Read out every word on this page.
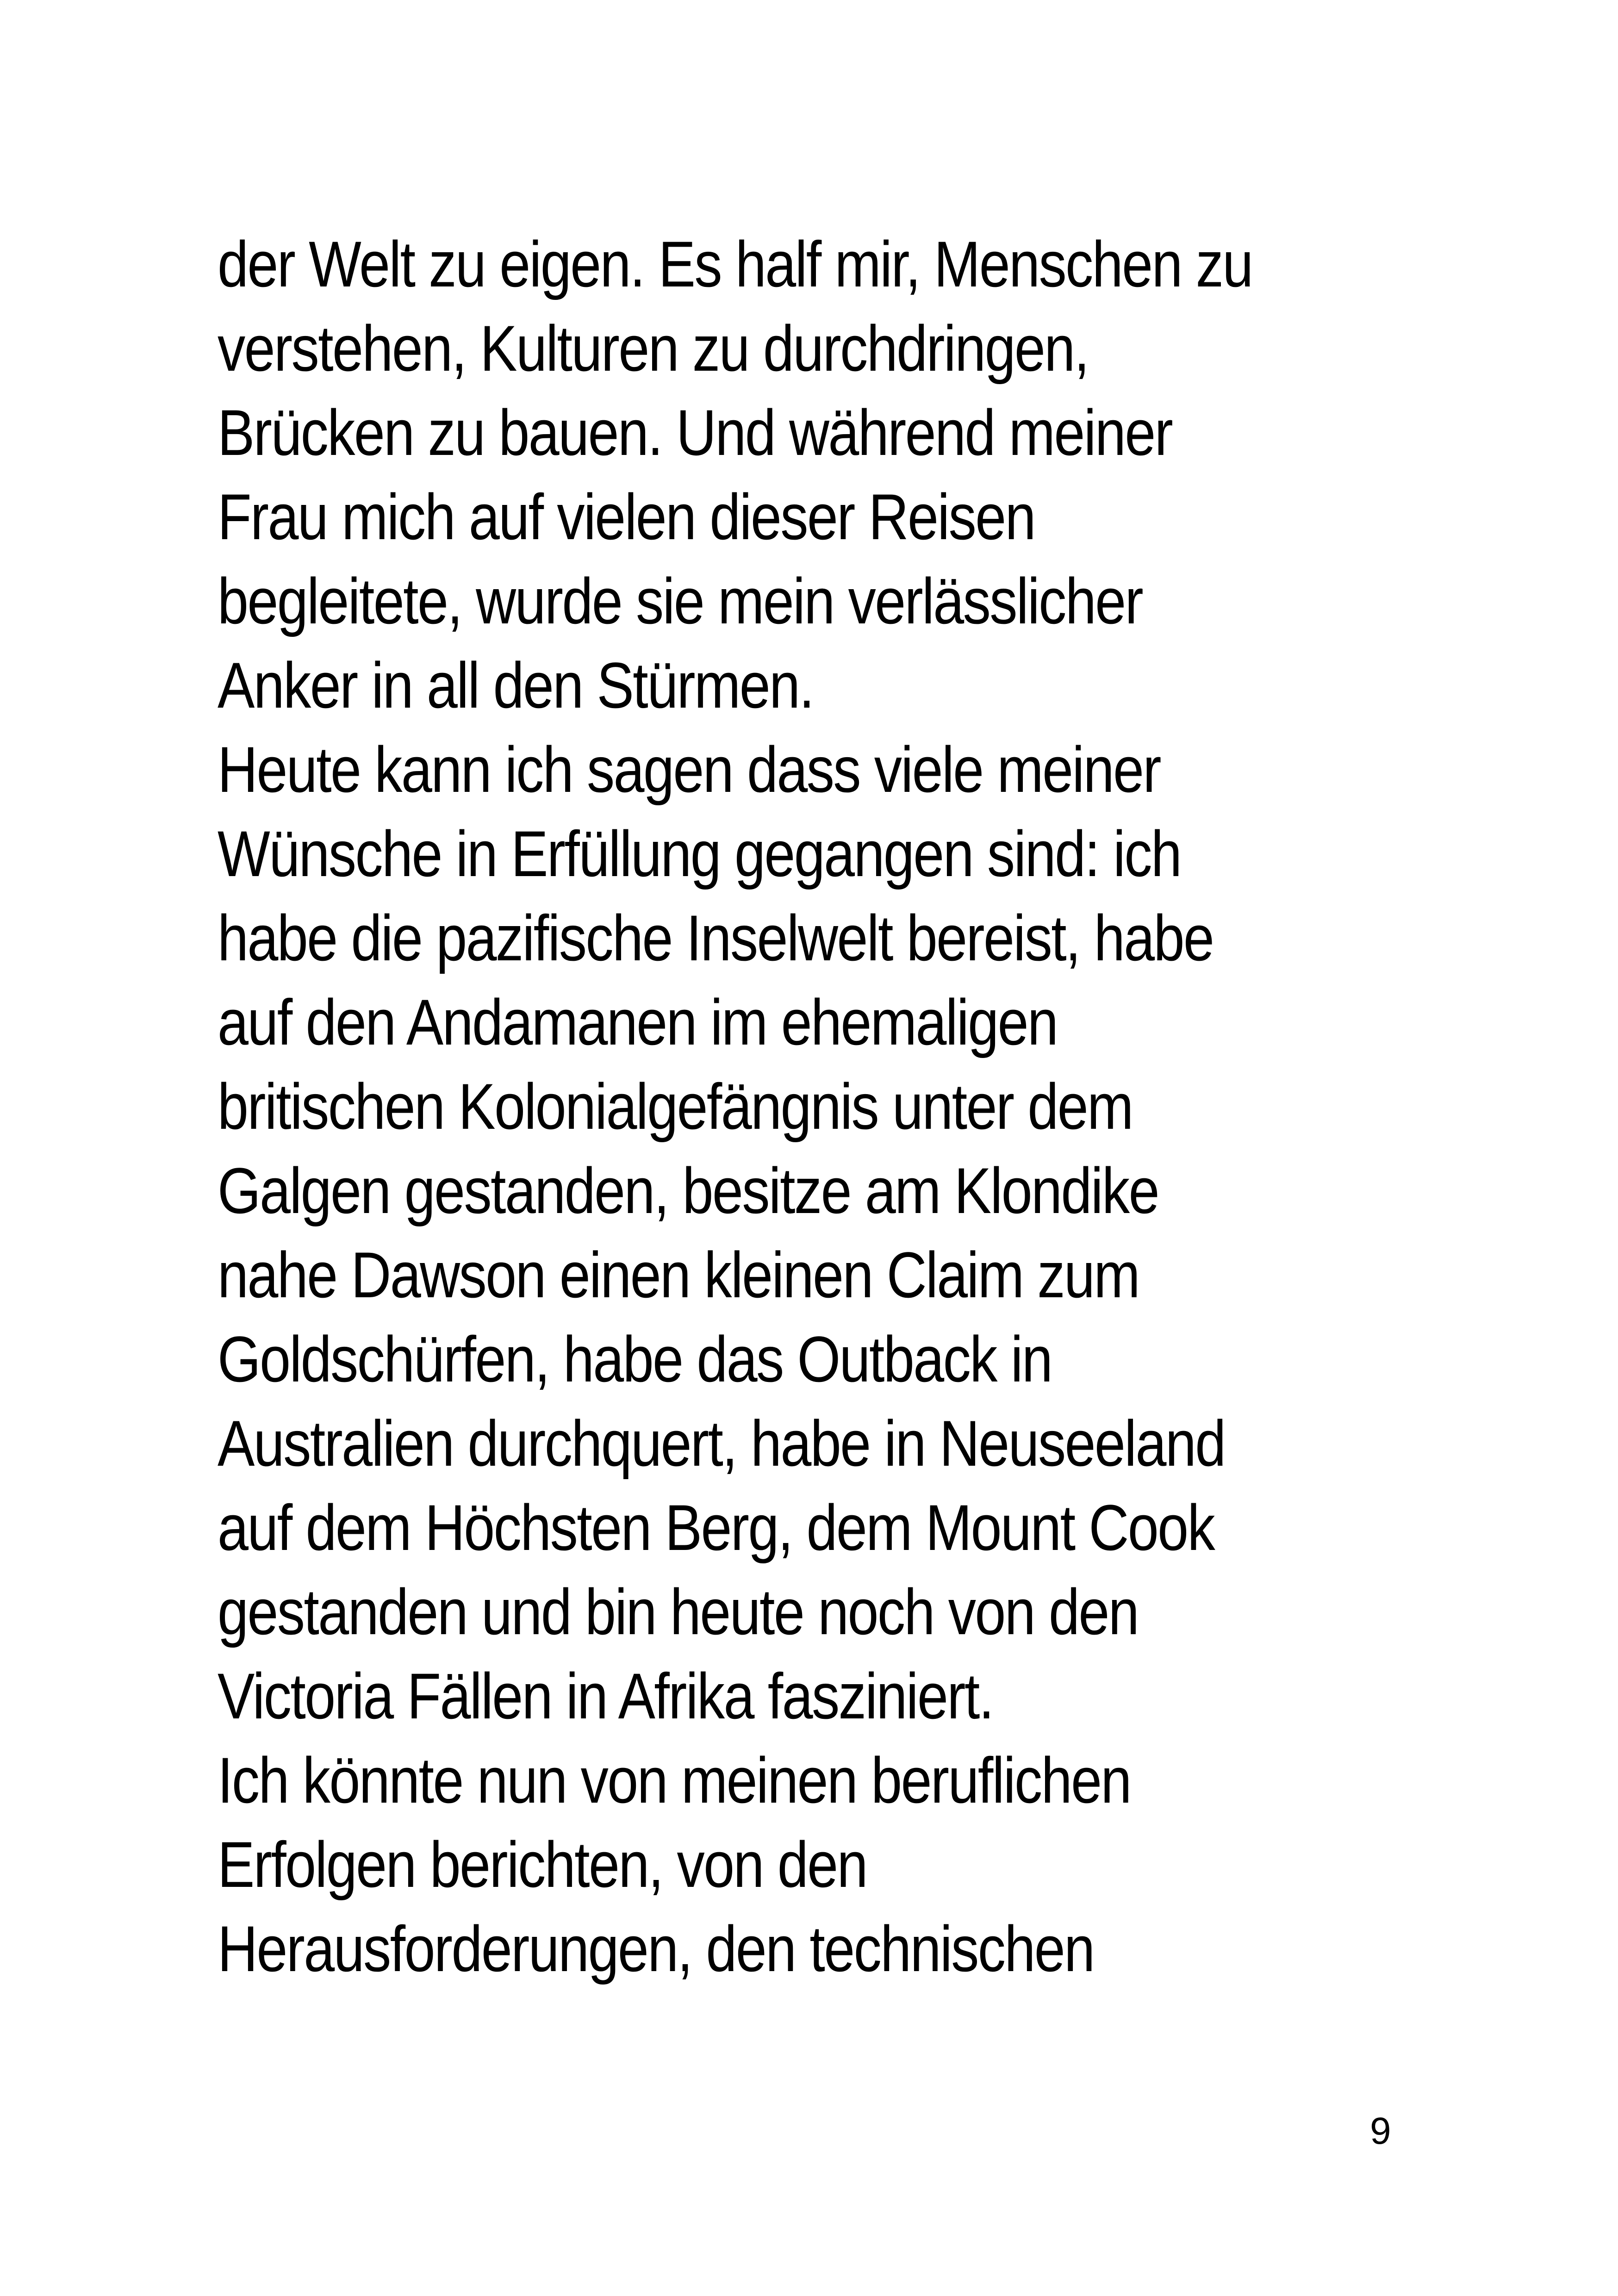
der Welt zu eigen. Es half mir, Menschen zu
verstehen, Kulturen zu durchdringen,
Brücken zu bauen. Und während meiner
Frau mich auf vielen dieser Reisen
begleitete, wurde sie mein verlässlicher
Anker in all den Stürmen.
Heute kann ich sagen dass viele meiner
Wünsche in Erfüllung gegangen sind: ich
habe die pazifische Inselwelt bereist, habe
auf den Andamanen im ehemaligen
britischen Kolonialgefängnis unter dem
Galgen gestanden, besitze am Klondike
nahe Dawson einen kleinen Claim zum
Goldschürfen, habe das Outback in
Australien durchquert, habe in Neuseeland
auf dem Höchsten Berg, dem Mount Cook
gestanden und bin heute noch von den
Victoria Fällen in Afrika fasziniert.
Ich könnte nun von meinen beruflichen
Erfolgen berichten, von den
Herausforderungen, den technischen
9
